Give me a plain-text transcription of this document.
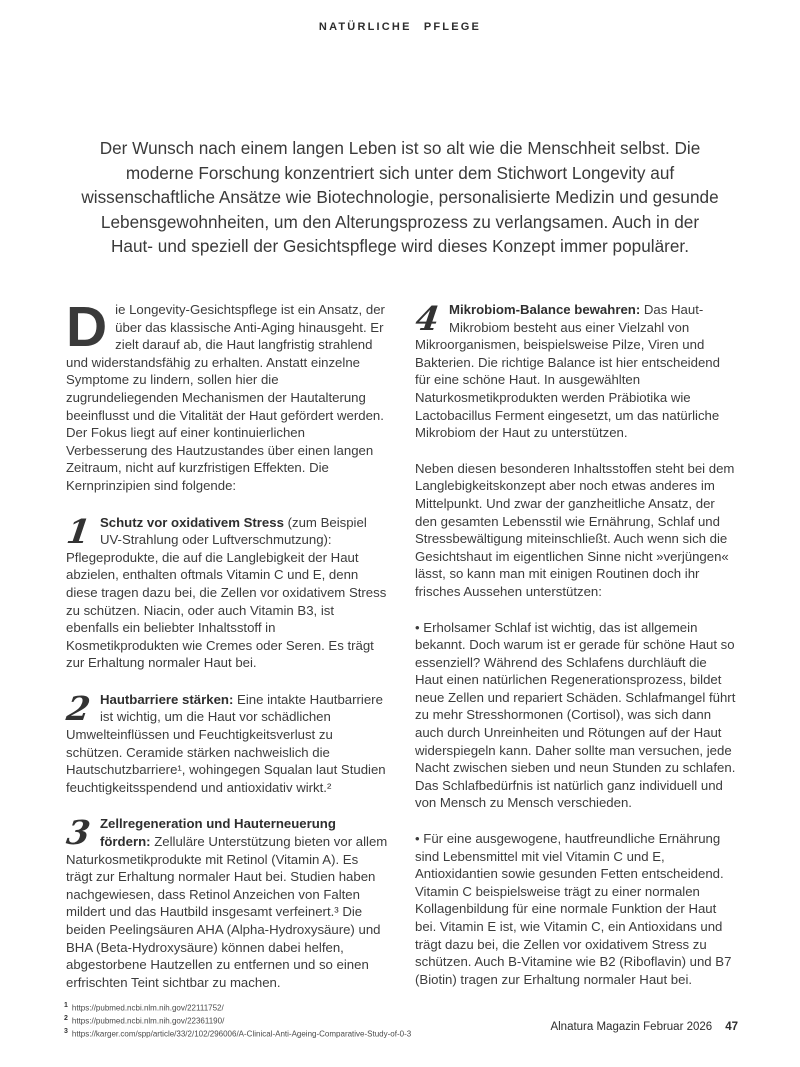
NATÜRLICHE PFLEGE
Der Wunsch nach einem langen Leben ist so alt wie die Menschheit selbst. Die moderne Forschung konzentriert sich unter dem Stichwort Longevity auf wissenschaftliche Ansätze wie Biotechnologie, personalisierte Medizin und gesunde Lebensgewohnheiten, um den Alterungsprozess zu verlangsamen. Auch in der Haut- und speziell der Gesichtspflege wird dieses Konzept immer populärer.

Die Longevity-Gesichtspflege ist ein Ansatz, der über das klassische Anti-Aging hinausgeht. Er zielt darauf ab, die Haut langfristig strahlend und widerstandsfähig zu erhalten. Anstatt einzelne Symptome zu lindern, sollen hier die zugrundeliegenden Mechanismen der Hautalterung beeinflusst und die Vitalität der Haut gefördert werden. Der Fokus liegt auf einer kontinuierlichen Verbesserung des Hautzustandes über einen langen Zeitraum, nicht auf kurzfristigen Effekten. Die Kernprinzipien sind folgende:

1 Schutz vor oxidativem Stress (zum Beispiel UV-Strahlung oder Luftverschmutzung): Pflegeprodukte, die auf die Langlebigkeit der Haut abzielen, enthalten oftmals Vitamin C und E, denn diese tragen dazu bei, die Zellen vor oxidativem Stress zu schützen. Niacin, oder auch Vitamin B3, ist ebenfalls ein beliebter Inhaltsstoff in Kosmetikprodukten wie Cremes oder Seren. Es trägt zur Erhaltung normaler Haut bei.

2 Hautbarriere stärken: Eine intakte Hautbarriere ist wichtig, um die Haut vor schädlichen Umwelteinflüssen und Feuchtigkeitsverlust zu schützen. Ceramide stärken nachweislich die Hautschutzbarriere¹, wohingegen Squalan laut Studien feuchtigkeitsspendend und antioxidativ wirkt.²

3 Zellregeneration und Hauterneuerung fördern: Zelluläre Unterstützung bieten vor allem Naturkosmetikprodukte mit Retinol (Vitamin A). Es trägt zur Erhaltung normaler Haut bei. Studien haben nachgewiesen, dass Retinol Anzeichen von Falten mildert und das Hautbild insgesamt verfeinert.³ Die beiden Peelingsäuren AHA (Alpha-Hydroxysäure) und BHA (Beta-Hydroxysäure) können dabei helfen, abgestorbene Hautzellen zu entfernen und so einen erfrischten Teint sichtbar zu machen.

4 Mikrobiom-Balance bewahren: Das Haut-Mikrobiom besteht aus einer Vielzahl von Mikroorganismen, beispielsweise Pilze, Viren und Bakterien. Die richtige Balance ist hier entscheidend für eine schöne Haut. In ausgewählten Naturkosmetikprodukten werden Präbiotika wie Lactobacillus Ferment eingesetzt, um das natürliche Mikrobiom der Haut zu unterstützen.

Neben diesen besonderen Inhaltsstoffen steht bei dem Langlebigkeitskonzept aber noch etwas anderes im Mittelpunkt. Und zwar der ganzheitliche Ansatz, der den gesamten Lebensstil wie Ernährung, Schlaf und Stressbewältigung miteinschließt. Auch wenn sich die Gesichtshaut im eigentlichen Sinne nicht »verjüngen« lässt, so kann man mit einigen Routinen doch ihr frisches Aussehen unterstützen:

• Erholsamer Schlaf ist wichtig, das ist allgemein bekannt. Doch warum ist er gerade für schöne Haut so essenziell? Während des Schlafens durchläuft die Haut einen natürlichen Regenerationsprozess, bildet neue Zellen und repariert Schäden. Schlafmangel führt zu mehr Stresshormonen (Cortisol), was sich dann auch durch Unreinheiten und Rötungen auf der Haut widerspiegeln kann. Daher sollte man versuchen, jede Nacht zwischen sieben und neun Stunden zu schlafen. Das Schlafbedürfnis ist natürlich ganz individuell und von Mensch zu Mensch verschieden.

• Für eine ausgewogene, hautfreundliche Ernährung sind Lebensmittel mit viel Vitamin C und E, Antioxidantien sowie gesunden Fetten entscheidend. Vitamin C beispielsweise trägt zu einer normalen Kollagenbildung für eine normale Funktion der Haut bei. Vitamin E ist, wie Vitamin C, ein Antioxidans und trägt dazu bei, die Zellen vor oxidativem Stress zu schützen. Auch B-Vitamine wie B2 (Riboflavin) und B7 (Biotin) tragen zur Erhaltung normaler Haut bei.

$^1$ https://pubmed.ncbi.nlm.nih.gov/22111752/
$^2$ https://pubmed.ncbi.nlm.nih.gov/22361190/
$^3$ https://karger.com/spp/article/33/2/102/296006/A-Clinical-Anti-Ageing-Comparative-Study-of-0-3
Alnatura Magazin Februar 2026 47
